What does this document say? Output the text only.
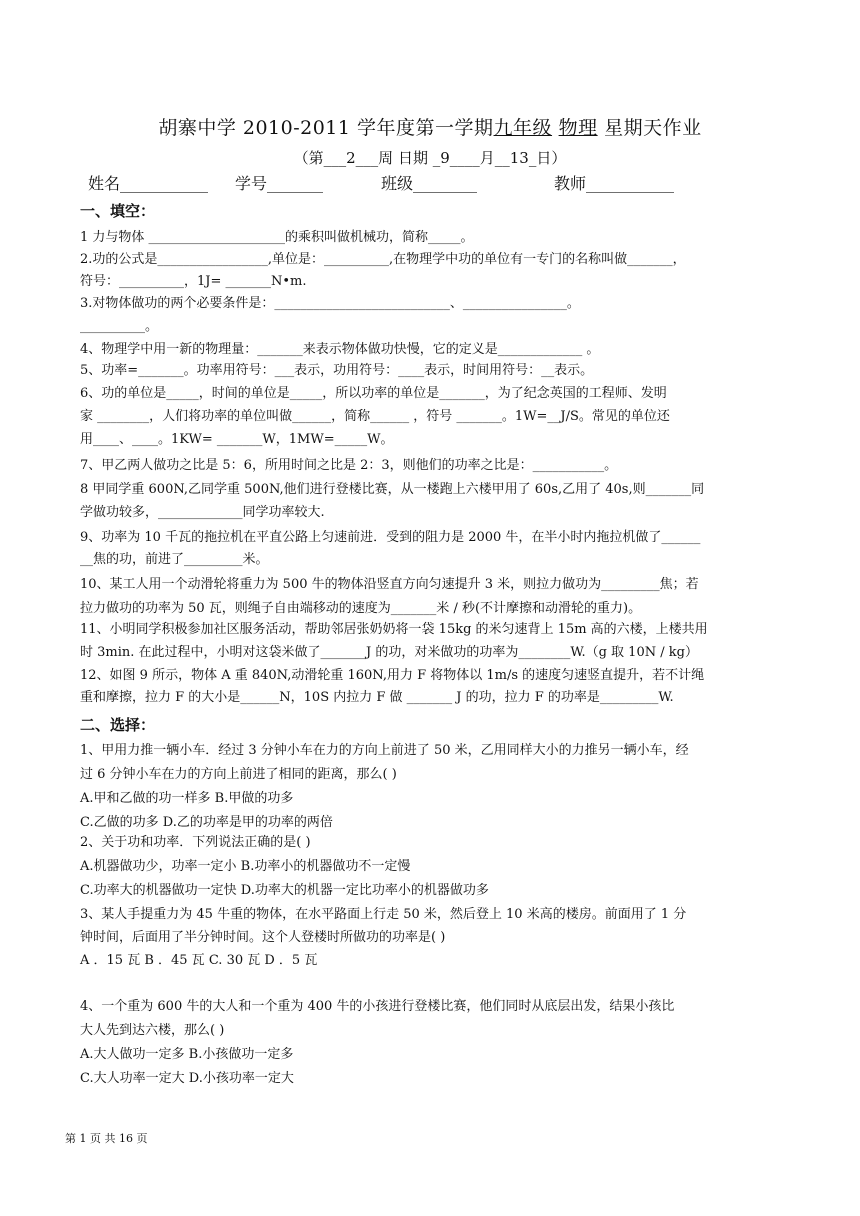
胡寨中学 2010-2011 学年度第一学期九年级 物理 星期天作业
（第___2___周 日期 _9____月__13_日）
姓名___________ 学号_______	班级________	教师___________
一、填空：
1 力与物体 _____________________的乘积叫做机械功，简称_____。
2.功的公式是_________________,单位是：__________,在物理学中功的单位有一专门的名称叫做_______，
符号：__________，1J= _______N•m.
3.对物体做功的两个必要条件是：___________________________、________________。
__________。
4、物理学中用一新的物理量：_______来表示物体做功快慢，它的定义是_____________ 。
5、功率=_______。功率用符号：___表示，功用符号：____表示，时间用符号：__表示。
6、功的单位是_____，时间的单位是_____，所以功率的单位是_______，为了纪念英国的工程师、发明
家 ________，人们将功率的单位叫做______，简称______ ，符号 _______。1W=__J/S。常见的单位还
用____、____。1KW= _______W，1MW=_____W。
7、甲乙两人做功之比是 5：6，所用时间之比是 2：3，则他们的功率之比是：___________。
8 甲同学重 600N,乙同学重 500N,他们进行登楼比赛，从一楼跑上六楼甲用了 60s,乙用了 40s,则_______同
学做功较多，_____________同学功率较大.
9、功率为 10 千瓦的拖拉机在平直公路上匀速前进．受到的阻力是 2000 牛，在半小时内拖拉机做了______
__焦的功，前进了_________米。
10、某工人用一个动滑轮将重力为 500 牛的物体沿竖直方向匀速提升 3 米，则拉力做功为_________焦；若
拉力做功的功率为 50 瓦，则绳子自由端移动的速度为_______米 / 秒(不计摩擦和动滑轮的重力)。
11、小明同学积极参加社区服务活动，帮助邻居张奶奶将一袋 15kg 的米匀速背上 15m 高的六楼，上楼共用
时 3min. 在此过程中，小明对这袋米做了_______J 的功，对米做功的功率为________W.（g 取 10N / kg）
12、如图 9 所示，物体 A 重 840N,动滑轮重 160N,用力 F 将物体以 1m/s 的速度匀速竖直提升，若不计绳
重和摩擦，拉力 F 的大小是______N，10S 内拉力 F 做 _______ J 的功，拉力 F 的功率是_________W.
二、选择：
1、甲用力推一辆小车．经过 3 分钟小车在力的方向上前进了 50 米，乙用同样大小的力推另一辆小车，经
过 6 分钟小车在力的方向上前进了相同的距离，那么( )
A.甲和乙做的功一样多 B.甲做的功多
C.乙做的功多 D.乙的功率是甲的功率的两倍
2、关于功和功率．下列说法正确的是( )
A.机器做功少，功率一定小 B.功率小的机器做功不一定慢
C.功率大的机器做功一定快 D.功率大的机器一定比功率小的机器做功多
3、某人手提重力为 45 牛重的物体，在水平路面上行走 50 米，然后登上 10 米高的楼房。前面用了 1 分
钟时间，后面用了半分钟时间。这个人登楼时所做功的功率是( )
A ．15 瓦 B ．45 瓦 C. 30 瓦 D ．5 瓦
4、一个重为 600 牛的大人和一个重为 400 牛的小孩进行登楼比赛，他们同时从底层出发，结果小孩比
大人先到达六楼，那么( )
A.大人做功一定多 B.小孩做功一定多
C.大人功率一定大 D.小孩功率一定大
第 1 页 共 16 页
